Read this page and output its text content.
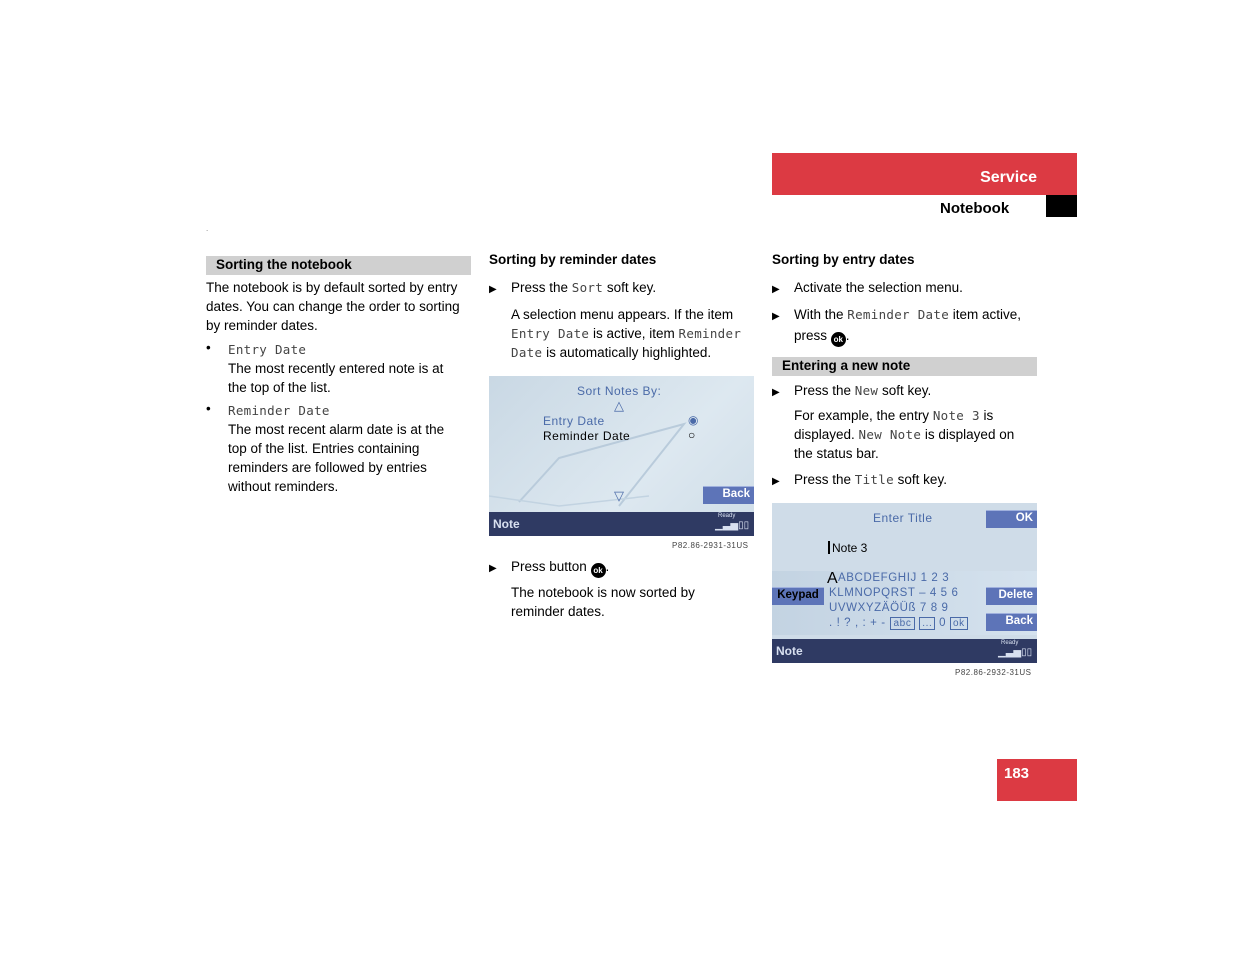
Service
Notebook
.
Sorting the notebook

The notebook is by default sorted by entry

dates. You can change the order to sorting

by reminder dates.

• Entry Date

The most recently entered note is at

the top of the list.

• Reminder Date

The most recent alarm date is at the

top of the list. Entries containing

reminders are followed by entries

without reminders.

Sorting by reminder dates

▶ Press the Sort soft key.

A selection menu appears. If the item

Entry Date is active, item Reminder

Date is automatically highlighted.

Sort Notes By:
△
Entry Date
Reminder Date
◉
○
▽	Back
Note
Ready
▁▃▅▯▯
P82.86-2931-31US

▶ Press button ok .

The notebook is now sorted by

reminder dates.

Sorting by entry dates

▶ Activate the selection menu.

▶ With the Reminder Date item active,

press ok .

Entering a new note

▶ Press the New soft key.

For example, the entry Note 3 is

displayed. New Note is displayed on

the status bar.

▶ Press the Title soft key.

Enter Title	OK
Note 3
A ABCDEFGHIJ 1 2 3
KLMNOPQRST – 4 5 6
UVWXYZÄÖÜß 7 8 9
. ! ? , : + - abc ... 0 ok
Keypad	Delete
Back
Note
Ready
▁▃▅▯▯
P82.86-2932-31US
183
